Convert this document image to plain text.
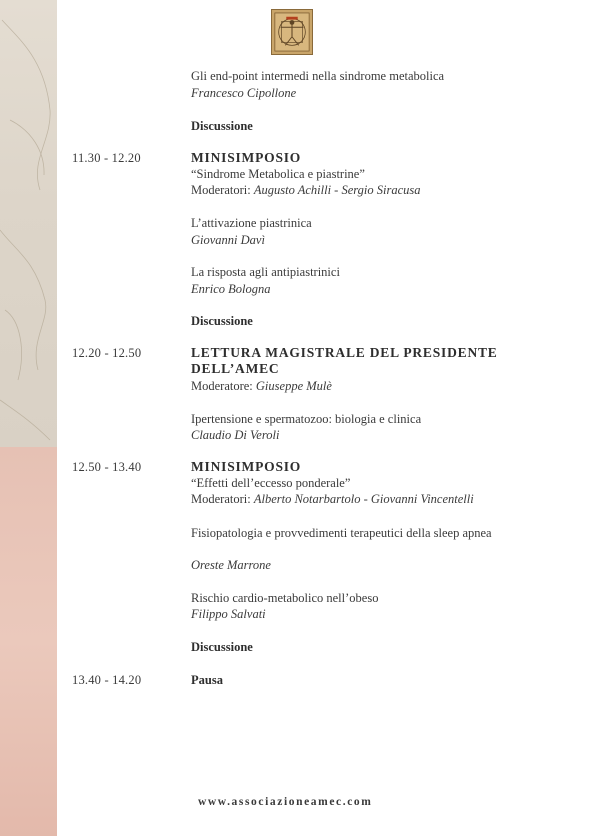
Gli end-point intermedi nella sindrome metabolica
Francesco Cipollone
Discussione
11.30 - 12.20	MINISIMPOSIO
“Sindrome Metabolica e piastrine”
Moderatori: Augusto Achilli - Sergio Siracusa
L’attivazione piastrinica
Giovanni Davì
La risposta agli antipiastrinici
Enrico Bologna
Discussione
12.20 - 12.50	LETTURA MAGISTRALE DEL PRESIDENTE
DELL’AMEC
Moderatore: Giuseppe Mulè
Ipertensione e spermatozoo: biologia e clinica
Claudio Di Veroli
12.50 - 13.40	MINISIMPOSIO
“Effetti dell’eccesso ponderale”
Moderatori: Alberto Notarbartolo - Giovanni Vincentelli
Fisiopatologia e provvedimenti terapeutici della sleep apnea
Oreste Marrone
Rischio cardio-metabolico nell’obeso
Filippo Salvati
Discussione
13.40 - 14.20	Pausa
www.associazioneamec.com
